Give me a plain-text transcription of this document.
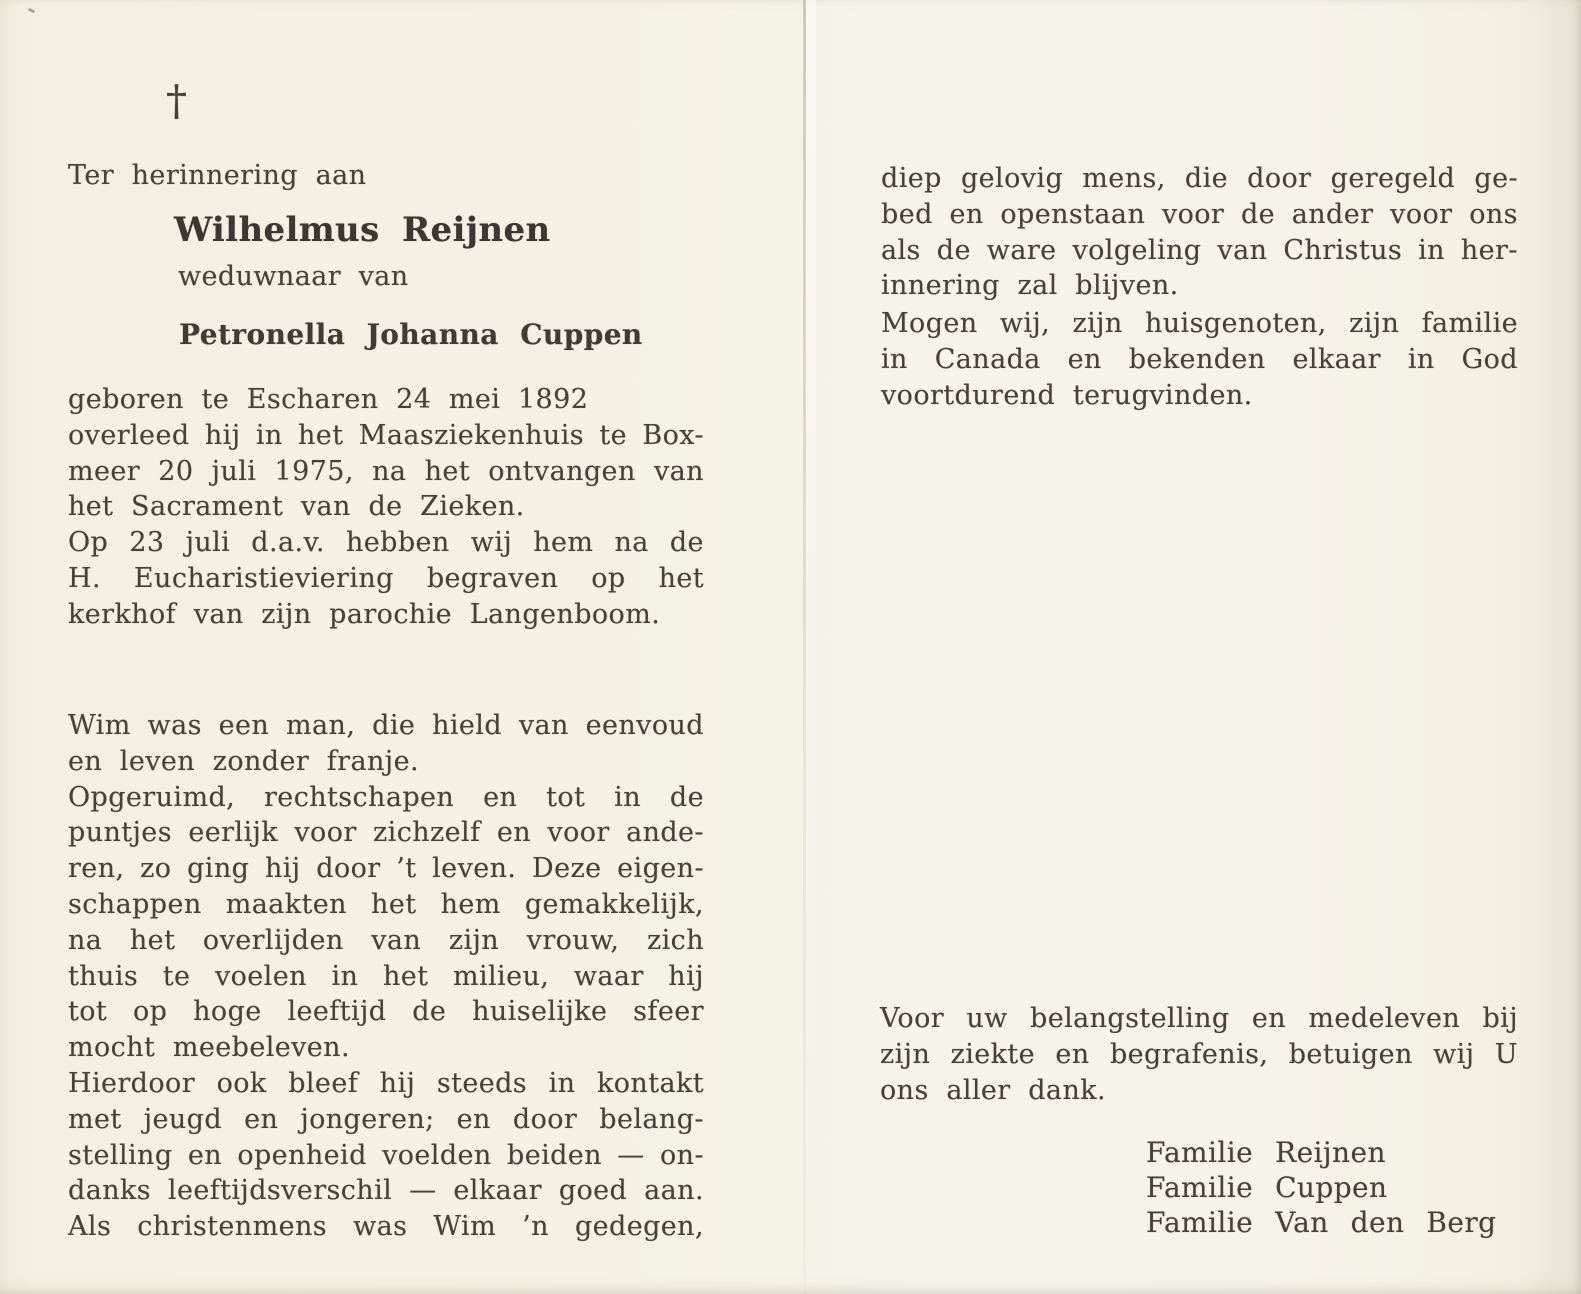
†
Ter herinnering aan
Wilhelmus Reijnen
weduwnaar van
Petronella Johanna Cuppen
geboren te Escharen 24 mei 1892
overleed hij in het Maasziekenhuis te Box-
meer 20 juli 1975, na het ontvangen van
het Sacrament van de Zieken.
Op 23 juli d.a.v. hebben wij hem na de
H. Eucharistieviering begraven op het
kerkhof van zijn parochie Langenboom.
Wim was een man, die hield van eenvoud
en leven zonder franje.
Opgeruimd, rechtschapen en tot in de
puntjes eerlijk voor zichzelf en voor ande-
ren, zo ging hij door ’t leven. Deze eigen-
schappen maakten het hem gemakkelijk,
na het overlijden van zijn vrouw, zich
thuis te voelen in het milieu, waar hij
tot op hoge leeftijd de huiselijke sfeer
mocht meebeleven.
Hierdoor ook bleef hij steeds in kontakt
met jeugd en jongeren; en door belang-
stelling en openheid voelden beiden — on-
danks leeftijdsverschil — elkaar goed aan.
Als christenmens was Wim ’n gedegen,
diep gelovig mens, die door geregeld ge-
bed en openstaan voor de ander voor ons
als de ware volgeling van Christus in her-
innering zal blijven.
Mogen wij, zijn huisgenoten, zijn familie
in Canada en bekenden elkaar in God
voortdurend terugvinden.
Voor uw belangstelling en medeleven bij
zijn ziekte en begrafenis, betuigen wij U
ons aller dank.
Familie Reijnen
Familie Cuppen
Familie Van den Berg
